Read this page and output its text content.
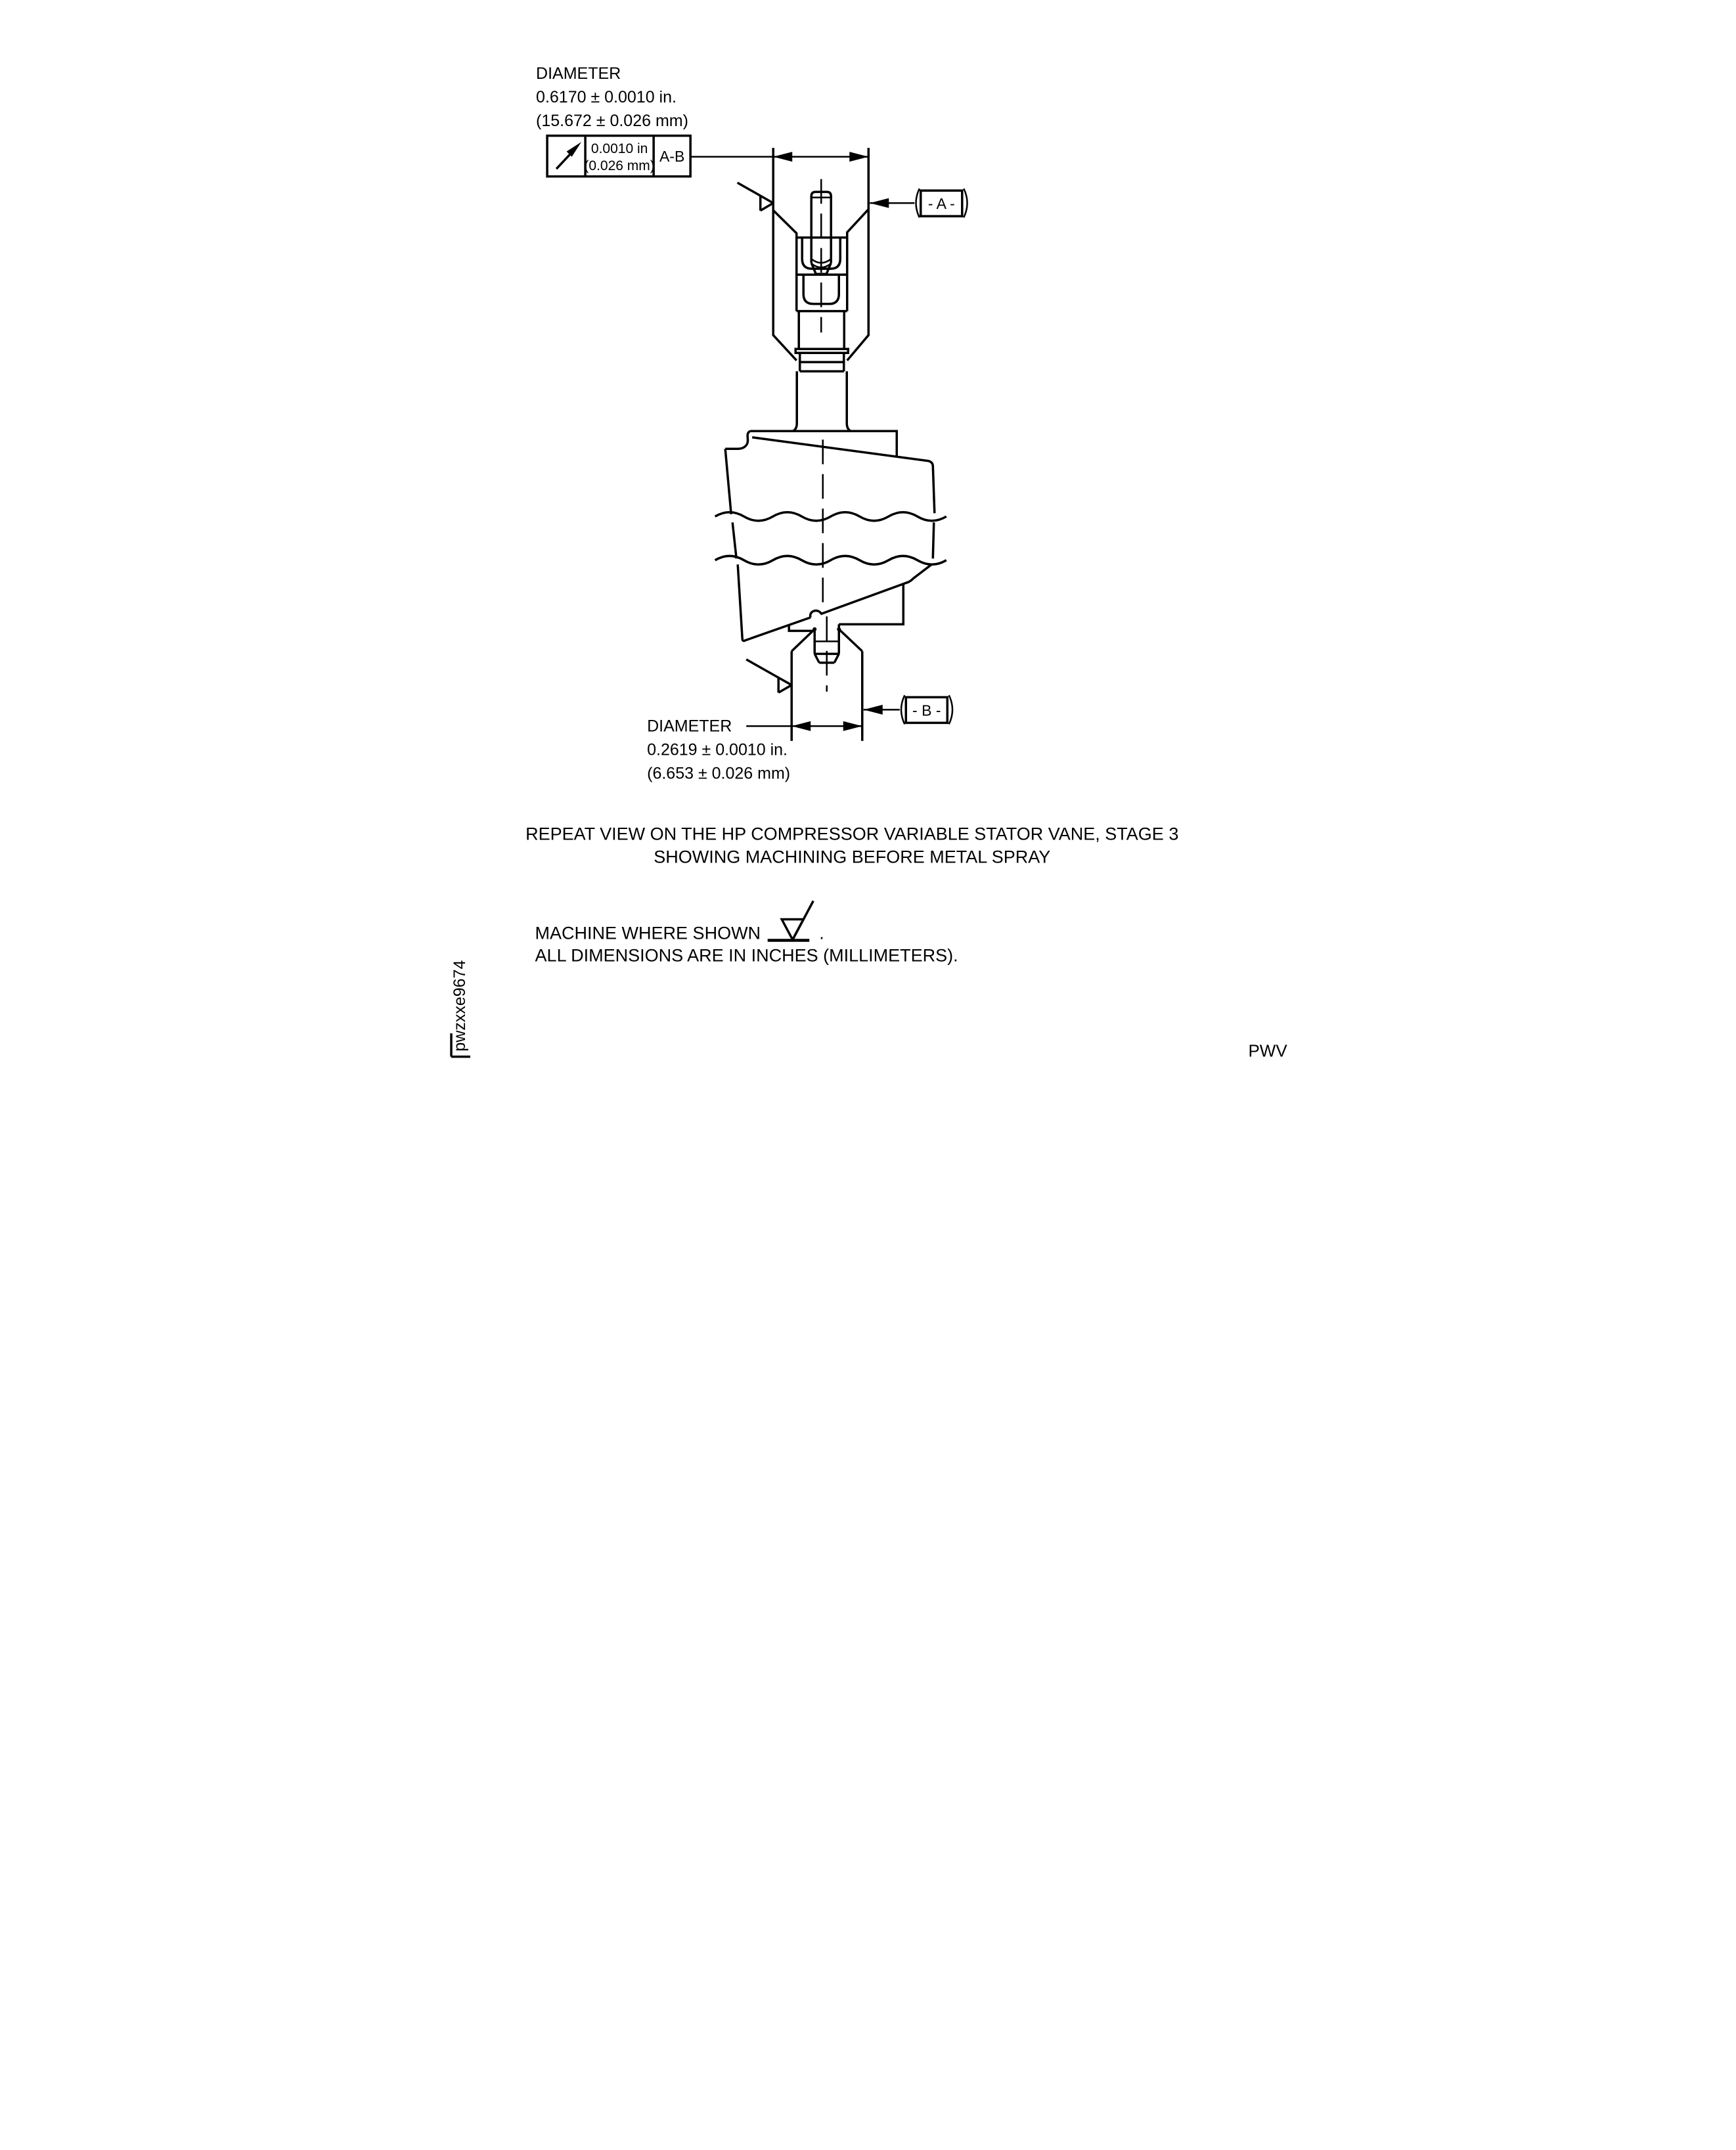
DIAMETER
0.6170 ± 0.0010 in.
(15.672 ± 0.026 mm)
0.0010 in
(0.026 mm)
A-B
- A -
- B -
DIAMETER
0.2619 ± 0.0010 in.
(6.653 ± 0.026 mm)
REPEAT VIEW ON THE HP COMPRESSOR VARIABLE STATOR VANE, STAGE 3
SHOWING MACHINING BEFORE METAL SPRAY
MACHINE WHERE SHOWN .
ALL DIMENSIONS ARE IN INCHES (MILLIMETERS).
pwzxxe9674	PWV
